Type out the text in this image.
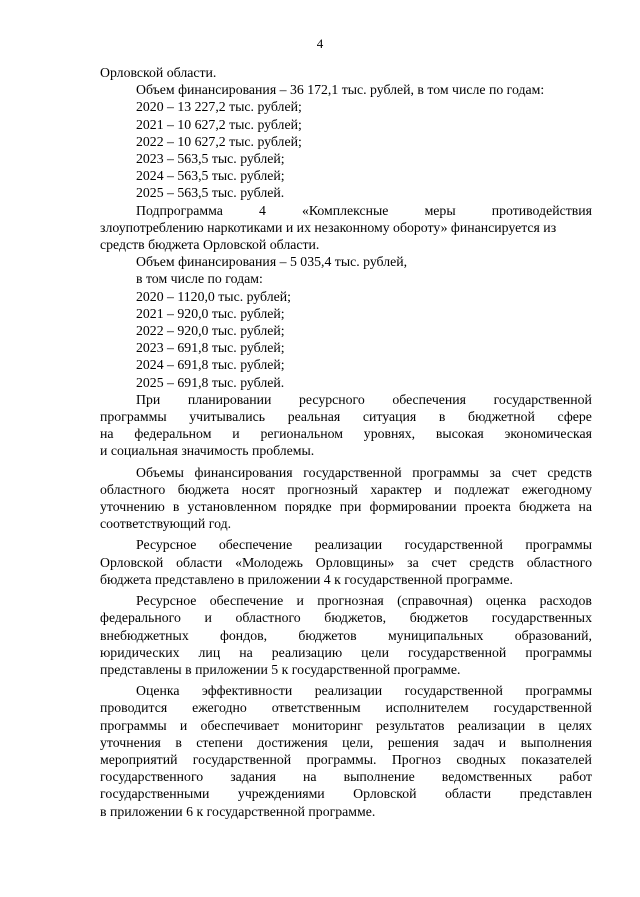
4

Орловской области.

Объем финансирования – 36 172,1 тыс. рублей, в том числе по годам:

2020 – 13 227,2 тыс. рублей;

2021 – 10 627,2 тыс. рублей;

2022 – 10 627,2 тыс. рублей;

2023 – 563,5 тыс. рублей;

2024 – 563,5 тыс. рублей;

2025 – 563,5 тыс. рублей.

Подпрограмма	4	«Комплексные	меры	противодействия

злоупотреблению наркотиками и их незаконному обороту» финансируется из

средств бюджета Орловской области.

Объем финансирования – 5 035,4 тыс. рублей,

в том числе по годам:

2020 – 1120,0 тыс. рублей;

2021 – 920,0 тыс. рублей;

2022 – 920,0 тыс. рублей;

2023 – 691,8 тыс. рублей;

2024 – 691,8 тыс. рублей;

2025 – 691,8 тыс. рублей.

При планировании ресурсного обеспечения государственной
программы учитывались реальная ситуация в бюджетной сфере
на федеральном и региональном уровнях, высокая экономическая

и социальная значимость проблемы.

Объемы финансирования государственной программы за счет средств
областного бюджета носят прогнозный характер и подлежат ежегодному
уточнению в установленном порядке при формировании проекта бюджета на

соответствующий год.

Ресурсное обеспечение реализации государственной программы
Орловской области «Молодежь Орловщины» за счет средств областного

бюджета представлено в приложении 4 к государственной программе.

Ресурсное обеспечение и прогнозная (справочная) оценка расходов
федерального и областного бюджетов, бюджетов государственных
внебюджетных фондов, бюджетов муниципальных образований,
юридических лиц на реализацию цели государственной программы

представлены в приложении 5 к государственной программе.

Оценка эффективности реализации государственной программы
проводится ежегодно ответственным исполнителем государственной
программы и обеспечивает мониторинг результатов реализации в целях
уточнения в степени достижения цели, решения задач и выполнения
мероприятий государственной программы. Прогноз сводных показателей
государственного задания на выполнение ведомственных работ
государственными учреждениями Орловской области представлен

в приложении 6 к государственной программе.
